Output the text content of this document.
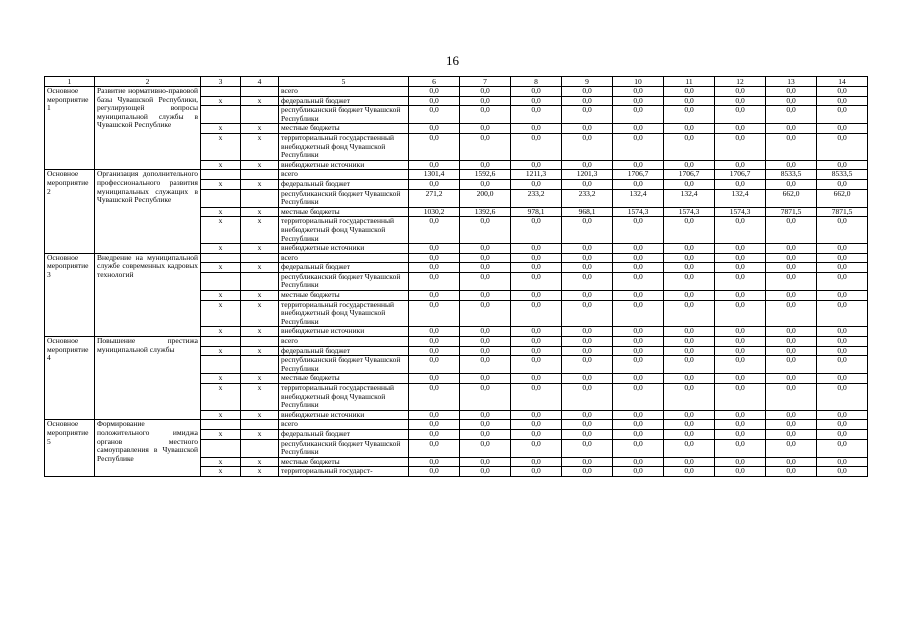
16
1	2	3	4	5	6	7	8	9	10	11	12	13	14
Основное мероприятие 1	Развитие нормативно-правовой базы Чувашской Республики, регулирующей вопросы муниципальной службы в Чувашской Республике			всего	0,0	0,0	0,0	0,0	0,0	0,0	0,0	0,0	0,0
		x	x	федеральный бюджет	0,0	0,0	0,0	0,0	0,0	0,0	0,0	0,0	0,0
				республиканский бюджет Чувашской Республики	0,0	0,0	0,0	0,0	0,0	0,0	0,0	0,0	0,0
		x	x	местные бюджеты	0,0	0,0	0,0	0,0	0,0	0,0	0,0	0,0	0,0
		x	x	территориальный государственный внебюджетный фонд Чувашской Республики	0,0	0,0	0,0	0,0	0,0	0,0	0,0	0,0	0,0
		x	x	внебюджетные источники	0,0	0,0	0,0	0,0	0,0	0,0	0,0	0,0	0,0
Основное мероприятие 2	Организация дополнительного профессионального развития муниципальных служащих в Чувашской Республике			всего	1301,4	1592,6	1211,3	1201,3	1706,7	1706,7	1706,7	8533,5	8533,5
		x	x	федеральный бюджет	0,0	0,0	0,0	0,0	0,0	0,0	0,0	0,0	0,0
				республиканский бюджет Чувашской Республики	271,2	200,0	233,2	233,2	132,4	132,4	132,4	662,0	662,0
		x	x	местные бюджеты	1030,2	1392,6	978,1	968,1	1574,3	1574,3	1574,3	7871,5	7871,5
		x	x	территориальный государственный внебюджетный фонд Чувашской Республики	0,0	0,0	0,0	0,0	0,0	0,0	0,0	0,0	0,0
		x	x	внебюджетные источники	0,0	0,0	0,0	0,0	0,0	0,0	0,0	0,0	0,0
Основное мероприятие 3	Внедрение на муниципальной службе современных кадровых технологий			всего	0,0	0,0	0,0	0,0	0,0	0,0	0,0	0,0	0,0
		x	x	федеральный бюджет	0,0	0,0	0,0	0,0	0,0	0,0	0,0	0,0	0,0
				республиканский бюджет Чувашской Республики	0,0	0,0	0,0	0,0	0,0	0,0	0,0	0,0	0,0
		x	x	местные бюджеты	0,0	0,0	0,0	0,0	0,0	0,0	0,0	0,0	0,0
		x	x	территориальный государственный внебюджетный фонд Чувашской Республики	0,0	0,0	0,0	0,0	0,0	0,0	0,0	0,0	0,0
		x	x	внебюджетные источники	0,0	0,0	0,0	0,0	0,0	0,0	0,0	0,0	0,0
Основное мероприятие 4	Повышение престижа муниципальной службы			всего	0,0	0,0	0,0	0,0	0,0	0,0	0,0	0,0	0,0
		x	x	федеральный бюджет	0,0	0,0	0,0	0,0	0,0	0,0	0,0	0,0	0,0
				республиканский бюджет Чувашской Республики	0,0	0,0	0,0	0,0	0,0	0,0	0,0	0,0	0,0
		x	x	местные бюджеты	0,0	0,0	0,0	0,0	0,0	0,0	0,0	0,0	0,0
		x	x	территориальный государственный внебюджетный фонд Чувашской Республики	0,0	0,0	0,0	0,0	0,0	0,0	0,0	0,0	0,0
		x	x	внебюджетные источники	0,0	0,0	0,0	0,0	0,0	0,0	0,0	0,0	0,0
Основное мероприятие 5	Формирование положительного имиджа органов местного самоуправления в Чувашской Республике			всего	0,0	0,0	0,0	0,0	0,0	0,0	0,0	0,0	0,0
		x	x	федеральный бюджет	0,0	0,0	0,0	0,0	0,0	0,0	0,0	0,0	0,0
				республиканский бюджет Чувашской Республики	0,0	0,0	0,0	0,0	0,0	0,0	0,0	0,0	0,0
		x	x	местные бюджеты	0,0	0,0	0,0	0,0	0,0	0,0	0,0	0,0	0,0
		x	x	территориальный государст-	0,0	0,0	0,0	0,0	0,0	0,0	0,0	0,0	0,0
